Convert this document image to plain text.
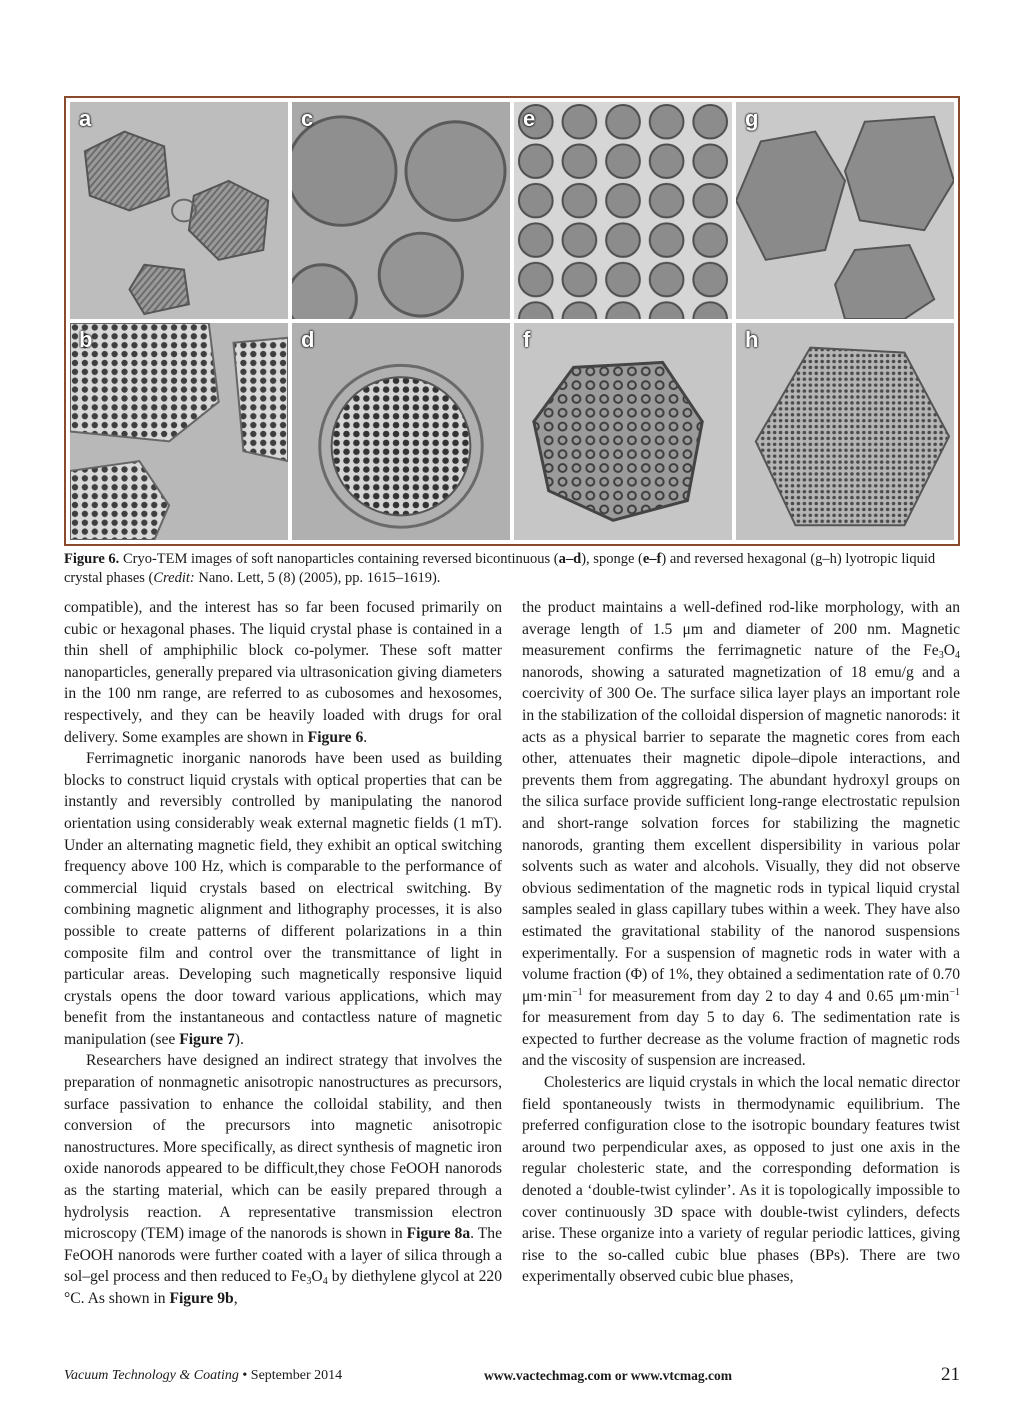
a	c	e	g
b	d	f	h
Figure 6. Cryo-TEM images of soft nanoparticles containing reversed bicontinuous (a–d), sponge (e–f) and reversed hexagonal (g–h) lyotropic liquid crystal phases (Credit: Nano. Lett, 5 (8) (2005), pp. 1615–1619).

compatible), and the interest has so far been focused primarily on cubic or hexagonal phases. The liquid crystal phase is contained in a thin shell of amphiphilic block co-polymer. These soft matter nanoparticles, generally prepared via ultrasonication giving diameters in the 100 nm range, are referred to as cubosomes and hexosomes, respectively, and they can be heavily loaded with drugs for oral delivery. Some examples are shown in Figure 6.

Ferrimagnetic inorganic nanorods have been used as building blocks to construct liquid crystals with optical properties that can be instantly and reversibly controlled by manipulating the nanorod orientation using considerably weak external magnetic fields (1 mT). Under an alternating magnetic field, they exhibit an optical switching frequency above 100 Hz, which is comparable to the performance of commercial liquid crystals based on electrical switching. By combining magnetic alignment and lithography processes, it is also possible to create patterns of different polarizations in a thin composite film and control over the transmittance of light in particular areas. Developing such magnetically responsive liquid crystals opens the door toward various applications, which may benefit from the instantaneous and contactless nature of magnetic manipulation (see Figure 7).

Researchers have designed an indirect strategy that involves the preparation of nonmagnetic anisotropic nanostructures as precursors, surface passivation to enhance the colloidal stability, and then conversion of the precursors into magnetic anisotropic nanostructures. More specifically, as direct synthesis of magnetic iron oxide nanorods appeared to be difficult,they chose FeOOH nanorods as the starting material, which can be easily prepared through a hydrolysis reaction. A representative transmission electron microscopy (TEM) image of the nanorods is shown in Figure 8a. The FeOOH nanorods were further coated with a layer of silica through a sol–gel process and then reduced to $Fe_3O_4$ by diethylene glycol at 220 °C. As shown in Figure 9b,

the product maintains a well-defined rod-like morphology, with an average length of 1.5 μm and diameter of 200 nm. Magnetic measurement confirms the ferrimagnetic nature of the $Fe_3O_4$ nanorods, showing a saturated magnetization of 18 emu/g and a coercivity of 300 Oe. The surface silica layer plays an important role in the stabilization of the colloidal dispersion of magnetic nanorods: it acts as a physical barrier to separate the magnetic cores from each other, attenuates their magnetic dipole–dipole interactions, and prevents them from aggregating. The abundant hydroxyl groups on the silica surface provide sufficient long-range electrostatic repulsion and short-range solvation forces for stabilizing the magnetic nanorods, granting them excellent dispersibility in various polar solvents such as water and alcohols. Visually, they did not observe obvious sedimentation of the magnetic rods in typical liquid crystal samples sealed in glass capillary tubes within a week. They have also estimated the gravitational stability of the nanorod suspensions experimentally. For a suspension of magnetic rods in water with a volume fraction (Φ) of 1%, they obtained a sedimentation rate of 0.70 $\mu m\cdot\min^{-1}$ for measurement from day 2 to day 4 and 0.65 $\mu m\cdot\min^{-1}$ for measurement from day 5 to day 6. The sedimentation rate is expected to further decrease as the volume fraction of magnetic rods and the viscosity of suspension are increased.

Cholesterics are liquid crystals in which the local nematic director field spontaneously twists in thermodynamic equilibrium. The preferred configuration close to the isotropic boundary features twist around two perpendicular axes, as opposed to just one axis in the regular cholesteric state, and the corresponding deformation is denoted a ‘double-twist cylinder’. As it is topologically impossible to cover continuously 3D space with double-twist cylinders, defects arise. These organize into a variety of regular periodic lattices, giving rise to the so-called cubic blue phases (BPs). There are two experimentally observed cubic blue phases,

Vacuum Technology & Coating • September 2014	www.vactechmag.com or www.vtcmag.com	21
